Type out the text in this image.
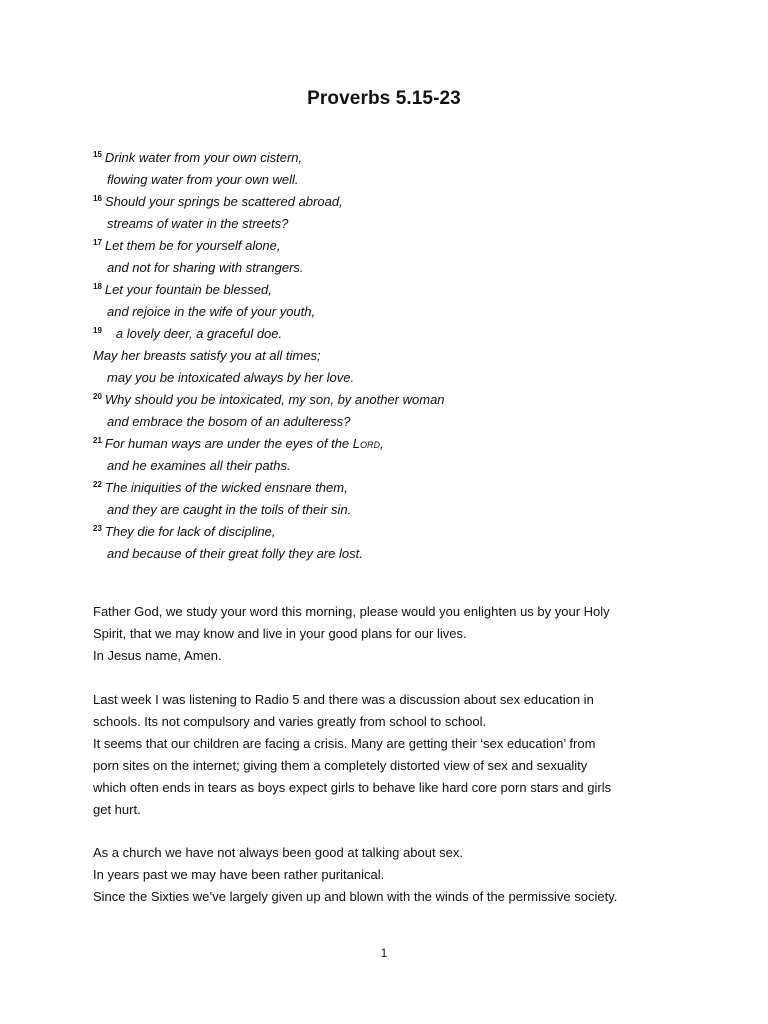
Proverbs 5.15-23
$^{15}$ Drink water from your own cistern,
flowing water from your own well.
$^{16}$ Should your springs be scattered abroad,
streams of water in the streets?
$^{17}$ Let them be for yourself alone,
and not for sharing with strangers.
$^{18}$ Let your fountain be blessed,
and rejoice in the wife of your youth,
$^{19}$ a lovely deer, a graceful doe.
May her breasts satisfy you at all times;
may you be intoxicated always by her love.
$^{20}$ Why should you be intoxicated, my son, by another woman
and embrace the bosom of an adulteress?
$^{21}$ For human ways are under the eyes of the Lord,
and he examines all their paths.
$^{22}$ The iniquities of the wicked ensnare them,
and they are caught in the toils of their sin.
$^{23}$ They die for lack of discipline,
and because of their great folly they are lost.
Father God, we study your word this morning, please would you enlighten us by your Holy
Spirit, that we may know and live in your good plans for our lives.
In Jesus name, Amen.
Last week I was listening to Radio 5 and there was a discussion about sex education in
schools. Its not compulsory and varies greatly from school to school.
It seems that our children are facing a crisis. Many are getting their ‘sex education’ from
porn sites on the internet; giving them a completely distorted view of sex and sexuality
which often ends in tears as boys expect girls to behave like hard core porn stars and girls
get hurt.
As a church we have not always been good at talking about sex.
In years past we may have been rather puritanical.
Since the Sixties we’ve largely given up and blown with the winds of the permissive society.
1
